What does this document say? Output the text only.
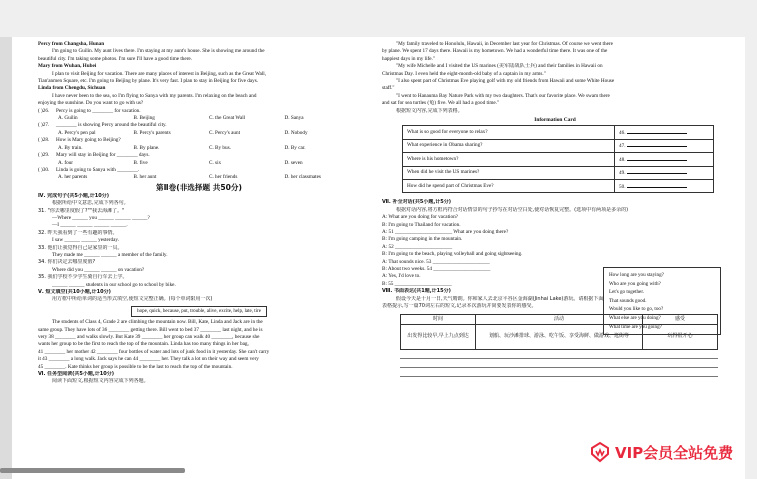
Percy from Changsha, Hunan

I'm going to Guilin. My aunt lives there. I'm staying at my aunt's house. She is showing me around the

beautiful city. I'm taking some photos. I'm sure I'll have a good time there.

Mary from Wuhan, Hubei

I plan to visit Beijing for vacation. There are many places of interest in Beijing, such as the Great Wall,

Tian'anmen Square, etc. I'm going to Beijing by plane. It's very fast. I plan to stay in Beijing for five days.

Linda from Chengdu, Sichuan

I have never been to the sea, so I'm flying to Sanya with my parents. I'm relaxing on the beach and

enjoying the sunshine. Do you want to go with us?

( )26.	Percy is going to ________ for vacation.
A. Guilin	B. Beijing	C. the Great Wall	D. Sanya
( )27.	________ is showing Percy around the beautiful city.
A. Percy's pen pal	B. Percy's parents	C. Percy's aunt	D. Nobody
( )28.	How is Mary going to Beijing?
A. By train.	B. By plane.	C. By bus.	D. By car.
( )29.	Mary will stay in Beijing for ________ days.
A. four	B. five	C. six	D. seven
( )30.	Linda is going to Sanya with ________.
A. her parents	B. her aunt	C. her friends	D. her classmates

第Ⅱ卷(非选择题 共50分)

Ⅳ. 完成句子(共5小题,计10分)

根据所给中文意思,完成下列各句。

31. "你去哪里度假了?""我去海滩了。"

—Where ______ you ______ ______ ______?

—I ______ ______ ______ ______.

32. 昨天我看到了一些有趣的事情。

I saw ______ ______ yesterday.

33. 他们让我觉得自己是家里的一员。

They made me ______ ______ a member of the family.

34. 你们决定去哪里度假?

Where did you ______ ______ on vacation?

35. 我们学校不少学生骑自行车去上学。

______ ______ students in our school go to school by bike.

Ⅴ. 短文填空(共10小题,计10分)

用方框中所给单词的适当形式填空,使短文完整正确。(每个单词限用一次)

hope, quick, because, put, trouble, alive, excite, help, late, tire

The students of Class 4, Grade 2 are climbing the mountain now. Bill, Kate, Linda and Jack are in the

same group. They have lots of 36 ________ getting there. Bill went to bed 37 ________ last night, and he is

very 38 ________ and walks slowly. But Kate 39 ________ her group can walk 40 ________, because she

wants her group to be the first to reach the top of the mountain. Linda has too many things in her bag,

41 ________ her mother 42 ________ four bottles of water and lots of junk food in it yesterday. She can't carry

it 43 ________ a long walk. Jack says he can 44 ________ her. They talk a lot on their way and seem very

45 ________. Kate thinks her group is possible to be the last to reach the top of the mountain.

Ⅵ. 任务型阅读(共5小题,计10分)

阅读下面短文,根据短文内容完成下列各题。

"My family traveled to Honolulu, Hawaii, in December last year for Christmas. Of course we went there

by plane. We spent 17 days there. Hawaii is my hometown. We had a wonderful time there. It was one of the

happiest days in my life."

"My wife Michelle and I visited the US marines (美军陆战队士兵) and their families in Hawaii on

Christmas Day. I even held the eight-month-old baby of a captain in my arms."

"I also spent part of Christmas Eve playing golf with my old friends from Hawaii and some White House

staff."

"I went to Hanauma Bay Nature Park with my two daughters. That's our favorite place. We swam there

and sat for sea turtles (龟) five. We all had a good time."

根据短文内容,完成下列表格。

Information Card

What is so good for everyone to relax?	46.
What experience in Obama sharing?	47.
Where is his hometown?	48.
When did he visit the US marines?	49.
How did he spend part of Christmas Eve?	50.

Ⅶ. 补全对话(共5小题,计5分)

根据对话内容,将方框内符合对话情景的句子抄写在对话空白处,使对话恢复完整。(选项中有两项是多余的)

A: What are you doing for vacation?

B: I'm going to Thailand for vacation.

A: 51 ______________________ What are you doing there?

B: I'm going camping in the mountain.

A: 52 ______________________

B: I'm going to the beach, playing volleyball and going sightseeing.

A: That sounds nice. 53 ______________________

B: About two weeks. 54 ______________________

A: Yes, I'd love to.

B: 55 ______________________

How long are you staying?

Who are you going with?

Let's go together.

That sounds good.

Would you like to go, too?

What else are you doing?

What time are you going?

Ⅷ. 书面表达(共1题,计15分)

假设今天是十月一日,天气晴朗。你和家人去北京平谷区金海湖(Jinhai Lake)游玩。请根据下面

表格提示,写一篇70词左右的短文,记录本次游玩并简要发表你的感受。

时间	活动	感受
出发得比较早,早上九点到达	划船、玩沙滩排球、游泳、吃午饭、享受海鲜、做游戏、逛街等	玩得很开心
VIP会员全站免费
